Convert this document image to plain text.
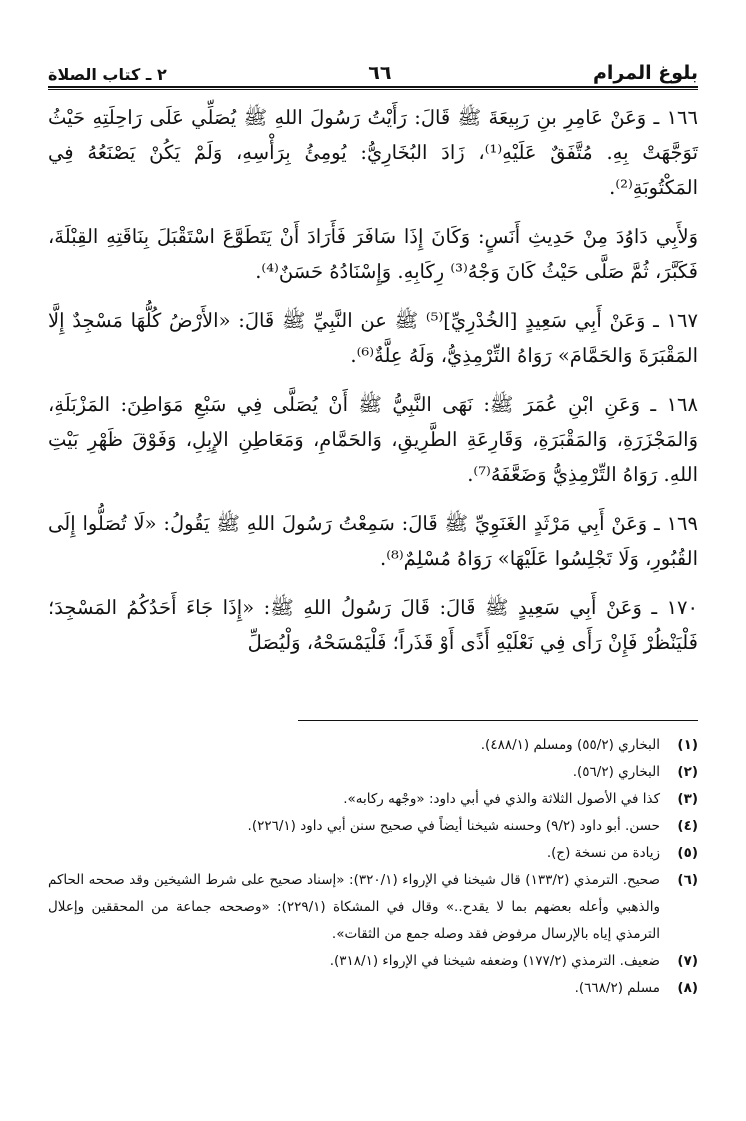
بلوغ المرام
٦٦
٢ ـ كتاب الصلاة

١٦٦ ـ وَعَنْ عَامِرِ بنِ رَبِيعَةَ ﷺ قَالَ: رَأَيْتُ رَسُولَ اللهِ ﷺ يُصَلِّي عَلَى رَاحِلَتِهِ حَيْثُ تَوَجَّهَتْ بِهِ. مُتَّفَقٌ عَلَيْهِ⁽¹⁾، زَادَ البُخَارِيُّ: يُومِئُ بِرَأْسِهِ، وَلَمْ يَكُنْ يَصْنَعُهُ فِي المَكْتُوبَةِ⁽²⁾.

وَلأَبِي دَاوُدَ مِنْ حَدِيثِ أَنَسٍ: وَكَانَ إِذَا سَافَرَ فَأَرَادَ أَنْ يَتَطَوَّعَ اسْتَقْبَلَ بِنَاقَتِهِ القِبْلَةَ، فَكَبَّرَ، ثُمَّ صَلَّى حَيْثُ كَانَ وَجْهُ⁽³⁾ رِكَابِهِ. وَإِسْنَادُهُ حَسَنٌ⁽⁴⁾.

١٦٧ ـ وَعَنْ أَبِي سَعِيدٍ [الخُدْرِيِّ]⁽⁵⁾ ﷺ عن النَّبِيِّ ﷺ قَالَ: «الأَرْضُ كُلُّهَا مَسْجِدٌ إِلَّا المَقْبَرَةَ وَالحَمَّامَ» رَوَاهُ التِّرْمِذِيُّ، وَلَهُ عِلَّةٌ⁽⁶⁾.

١٦٨ ـ وَعَنِ ابْنِ عُمَرَ ﷺ: نَهَى النَّبِيُّ ﷺ أَنْ يُصَلَّى فِي سَبْعِ مَوَاطِنَ: المَزْبَلَةِ، وَالمَجْزَرَةِ، وَالمَقْبَرَةِ، وَقَارِعَةِ الطَّرِيقِ، وَالحَمَّامِ، وَمَعَاطِنِ الإِبِلِ، وَفَوْقَ ظَهْرِ بَيْتِ اللهِ. رَوَاهُ التِّرْمِذِيُّ وَضَعَّفَهُ⁽⁷⁾.

١٦٩ ـ وَعَنْ أَبِي مَرْثَدٍ الغَنَوِيِّ ﷺ قَالَ: سَمِعْتُ رَسُولَ اللهِ ﷺ يَقُولُ: «لَا تُصَلُّوا إِلَى القُبُورِ، وَلَا تَجْلِسُوا عَلَيْهَا» رَوَاهُ مُسْلِمٌ⁽⁸⁾.

١٧٠ ـ وَعَنْ أَبِي سَعِيدٍ ﷺ قَالَ: قَالَ رَسُولُ اللهِ ﷺ: «إِذَا جَاءَ أَحَدُكُمُ المَسْجِدَ؛ فَلْيَنْظُرْ فَإِنْ رَأَى فِي نَعْلَيْهِ أَذًى أَوْ قَذَراً؛ فَلْيَمْسَحْهُ، وَلْيُصَلِّ

(١)
البخاري (٥٥/٢) ومسلم (٤٨٨/١).
(٢)
البخاري (٥٦/٢).
(٣)
كذا في الأصول الثلاثة والذي في أبي داود: «وجْهه ركابه».
(٤)
حسن. أبو داود (٩/٢) وحسنه شيخنا أيضاً في صحيح سنن أبي داود (٢٢٦/١).
(٥)
زيادة من نسخة (ج).
(٦)
صحيح. الترمذي (١٣٣/٢) قال شيخنا في الإرواء (٣٢٠/١): «إسناد صحيح على شرط الشيخين وقد صححه الحاكم والذهبي وأعله بعضهم بما لا يقدح..» وقال في المشكاة (٢٢٩/١): «وصححه جماعة من المحققين وإعلال الترمذي إياه بالإرسال مرفوض فقد وصله جمع من الثقات».
(٧)
ضعيف. الترمذي (١٧٧/٢) وضعفه شيخنا في الإرواء (٣١٨/١).
(٨)
مسلم (٦٦٨/٢).
